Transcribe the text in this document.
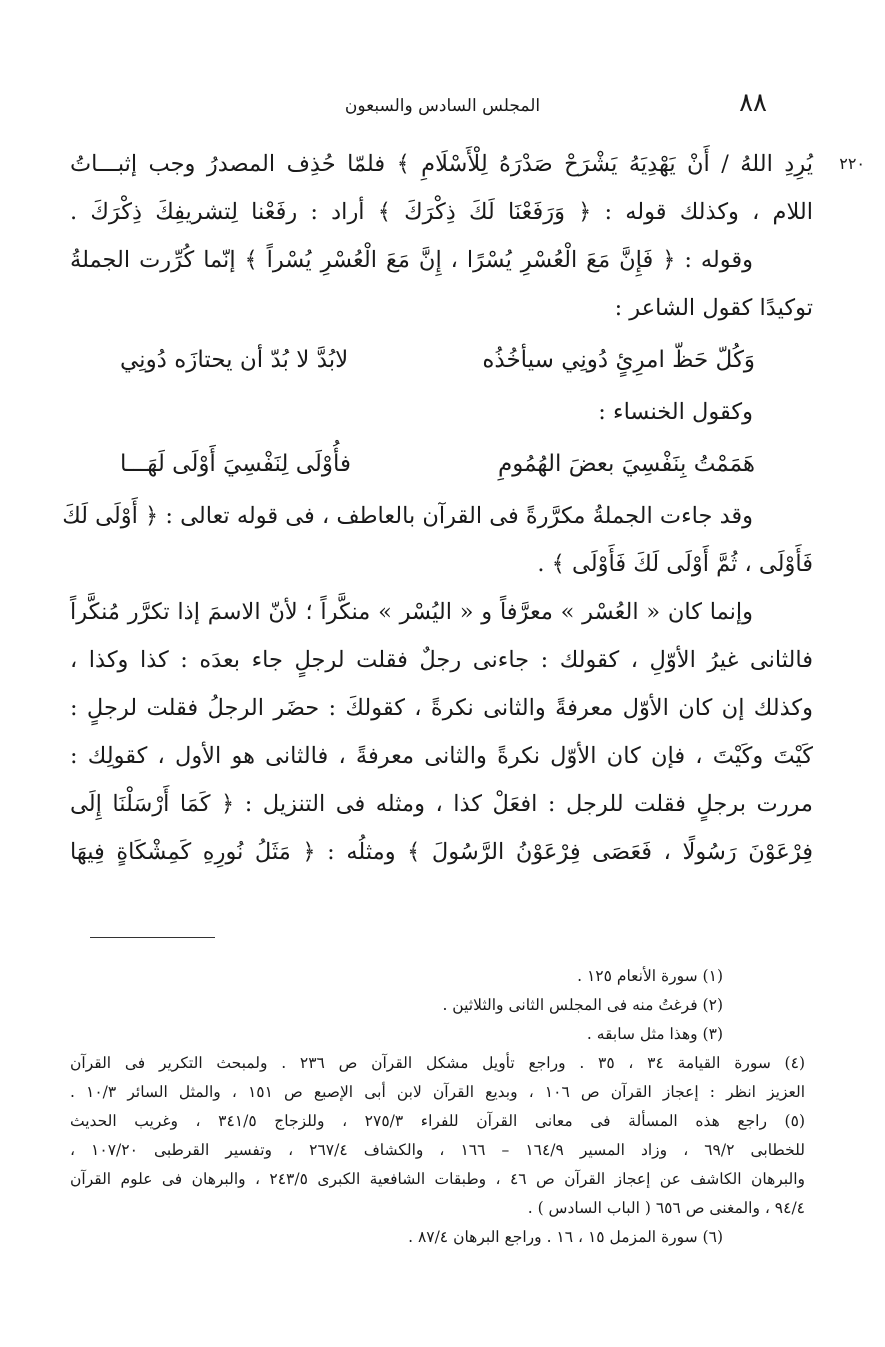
٨٨
المجلس السادس والسبعون
٢٢٠
يُرِدِ اللهُ / أَنْ يَهْدِيَهُ يَشْرَحْ صَدْرَهُ لِلْأَسْلَامِ ﴾ فلمّا حُذِف المصدرُ وجب إثبـــاتُ
اللام ، وكذلك قوله : ﴿ وَرَفَعْنَا لَكَ ذِكْرَكَ ﴾ أراد : رفَعْنا لِتشريفِكَ ذِكْرَكَ .
وقوله : ﴿ فَإِنَّ مَعَ الْعُسْرِ يُسْرًا ، إِنَّ مَعَ الْعُسْرِ يُسْراً ﴾ إنّما كُرِّرت الجملةُ
توكيدًا كقول الشاعر :
وَكُلّ حَظّ امرِئٍ دُونِي سيأخُذُه
لابُدَّ لا بُدّ أن يحتازَه دُونِي
وكقول الخنساء :
هَمَمْتُ بِنَفْسِيَ بعضَ الهُمُومِ
فأُوْلَى لِنَفْسِيَ أَوْلَى لَهَـــا
وقد جاءت الجملةُ مكرَّرةً فى القرآن بالعاطف ، فى قوله تعالى : ﴿ أَوْلَى لَكَ
فَأَوْلَى ، ثُمَّ أَوْلَى لَكَ فَأَوْلَى ﴾ .
وإنما كان « العُسْر » معرَّفاً و « اليُسْر » منكَّراً ؛ لأنّ الاسمَ إذا تكرَّر مُنكَّراً
فالثانى غيرُ الأوّلِ ، كقولك : جاءنى رجلٌ فقلت لرجلٍ جاء بعدَه : كذا وكذا ،
وكذلك إن كان الأوّل معرفةً والثانى نكرةً ، كقولكَ : حضَر الرجلُ فقلت لرجلٍ :
كَيْتَ وكَيْتَ ، فإن كان الأوّل نكرةً والثانى معرفةً ، فالثانى هو الأول ، كقولِك :
مررت برجلٍ فقلت للرجل : افعَلْ كذا ، ومثله فى التنزيل : ﴿ كَمَا أَرْسَلْنَا إِلَى
فِرْعَوْنَ رَسُولًا ، فَعَصَى فِرْعَوْنُ الرَّسُولَ ﴾ ومثلُه : ﴿ مَثَلُ نُورِهِ كَمِشْكَاةٍ فِيهَا
(١) سورة الأنعام ١٢٥ .
(٢) فرغتُ منه فى المجلس الثانى والثلاثين .
(٣) وهذا مثل سابقه .
(٤) سورة القيامة ٣٤ ، ٣٥ . وراجع تأويل مشكل القرآن ص ٢٣٦ . ولمبحث التكرير فى القرآن
العزيز انظر : إعجاز القرآن ص ١٠٦ ، وبديع القرآن لابن أبى الإصبع ص ١٥١ ، والمثل السائر ١٠/٣ .
(٥) راجع هذه المسألة فى معانى القرآن للفراء ٢٧٥/٣ ، وللزجاج ٣٤١/٥ ، وغريب الحديث
للخطابى ٦٩/٢ ، وزاد المسير ١٦٤/٩ – ١٦٦ ، والكشاف ٢٦٧/٤ ، وتفسير القرطبى ١٠٧/٢٠ ،
والبرهان الكاشف عن إعجاز القرآن ص ٤٦ ، وطبقات الشافعية الكبرى ٢٤٣/٥ ، والبرهان فى علوم القرآن
٩٤/٤ ، والمغنى ص ٦٥٦ ( الباب السادس ) .
(٦) سورة المزمل ١٥ ، ١٦ . وراجع البرهان ٨٧/٤ .
